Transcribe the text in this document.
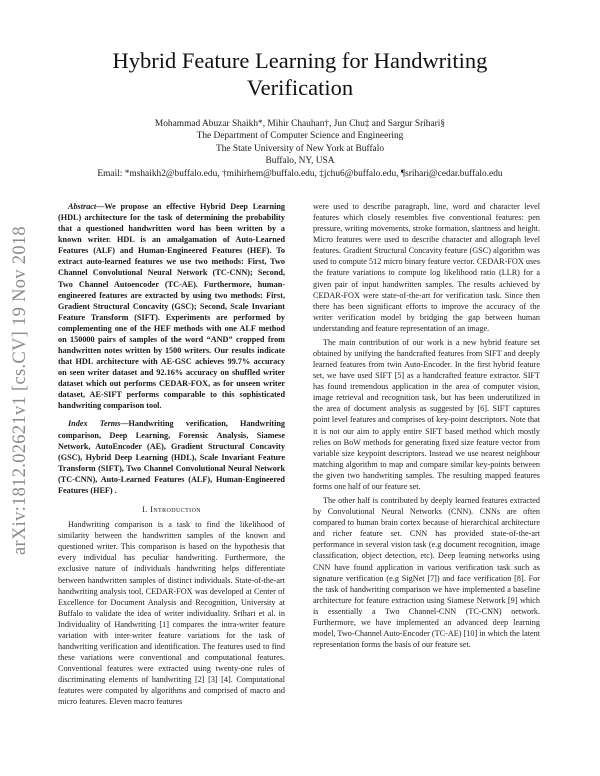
arXiv:1812.02621v1 [cs.CV] 19 Nov 2018
Hybrid Feature Learning for Handwriting Verification
Mohammad Abuzar Shaikh*, Mihir Chauhan†, Jun Chu‡ and Sargur Srihari§
The Department of Computer Science and Engineering
The State University of New York at Buffalo
Buffalo, NY, USA
Email: *mshaikh2@buffalo.edu, †mihirhem@buffalo.edu, ‡jchu6@buffalo.edu, ¶srihari@cedar.buffalo.edu

Abstract—We propose an effective Hybrid Deep Learning (HDL) architecture for the task of determining the probability that a questioned handwritten word has been written by a known writer. HDL is an amalgamation of Auto-Learned Features (ALF) and Human-Engineered Features (HEF). To extract auto-learned features we use two methods: First, Two Channel Convolutional Neural Network (TC-CNN); Second, Two Channel Autoencoder (TC-AE). Furthermore, human-engineered features are extracted by using two methods: First, Gradient Structural Concavity (GSC); Second, Scale Invariant Feature Transform (SIFT). Experiments are performed by complementing one of the HEF methods with one ALF method on 150000 pairs of samples of the word “AND” cropped from handwritten notes written by 1500 writers. Our results indicate that HDL architecture with AE-GSC achieves 99.7% accuracy on seen writer dataset and 92.16% accuracy on shuffled writer dataset which out performs CEDAR-FOX, as for unseen writer dataset, AE-SIFT performs comparable to this sophisticated handwriting comparison tool.

Index Terms—Handwriting verification, Handwriting comparison, Deep Learning, Forensic Analysis, Siamese Network, AutoEncoder (AE), Gradient Structural Concavity (GSC), Hybrid Deep Learning (HDL), Scale Invariant Feature Transform (SIFT), Two Channel Convolutional Neural Network (TC-CNN), Auto-Learned Features (ALF), Human-Engineered Features (HEF) .

I. Introduction

Handwriting comparison is a task to find the likelihood of similarity between the handwritten samples of the known and questioned writer. This comparison is based on the hypothesis that every individual has peculiar handwriting. Furthermore, the exclusive nature of individuals handwriting helps differentiate between handwritten samples of distinct individuals. State-of-the-art handwriting analysis tool, CEDAR-FOX was developed at Center of Excellence for Document Analysis and Recognition, University at Buffalo to validate the idea of writer individuality. Srihari et al. in Individuality of Handwriting [1] compares the intra-writer feature variation with inter-writer feature variations for the task of handwriting verification and identification. The features used to find these variations were conventional and computational features. Conventional features were extracted using twenty-one rules of discriminating elements of handwriting [2] [3] [4]. Computational features were computed by algorithms and comprised of macro and micro features. Eleven macro features

were used to describe paragraph, line, word and character level features which closely resembles five conventional features: pen pressure, writing movements, stroke formation, slantness and height. Micro features were used to describe character and allograph level features. Gradient Structural Concavity feature (GSC) algorithm was used to compute 512 micro binary feature vector. CEDAR-FOX uses the feature variations to compute log likelihood ratio (LLR) for a given pair of input handwritten samples. The results achieved by CEDAR-FOX were state-of-the-art for verification task. Since then there has been significant efforts to improve the accuracy of the writer verification model by bridging the gap between human understanding and feature representation of an image.

The main contribution of our work is a new hybrid feature set obtained by unifying the handcrafted features from SIFT and deeply learned features from twin Auto-Encoder. In the first hybrid feature set, we have used SIFT [5] as a handcrafted feature extractor. SIFT has found tremendous application in the area of computer vision, image retrieval and recognition task, but has been underutilized in the area of document analysis as suggested by [6]. SIFT captures point level features and comprises of key-point descriptors. Note that it is not our aim to apply entire SIFT based method which mostly relies on BoW methods for generating fixed size feature vector from variable size keypoint descriptors. Instead we use nearest neighbour matching algorithm to map and compare similar key-points between the given two handwriting samples. The resulting mapped features forms one half of our feature set.

The other half is contributed by deeply learned features extracted by Convolutional Neural Networks (CNN). CNNs are often compared to human brain cortex because of hierarchical architecture and richer feature set. CNN has provided state-of-the-art performance in several vision task (e.g document recognition, image classification, object detection, etc). Deep learning networks using CNN have found application in various verification task such as signature verification (e.g SigNet [7]) and face verification [8]. For the task of handwriting comparison we have implemented a baseline architecture for feature extraction using Siamese Network [9] which is essentially a Two Channel-CNN (TC-CNN) network. Furthermore, we have implemented an advanced deep learning model, Two-Channel Auto-Encoder (TC-AE) [10] in which the latent representation forms the basis of our feature set.
